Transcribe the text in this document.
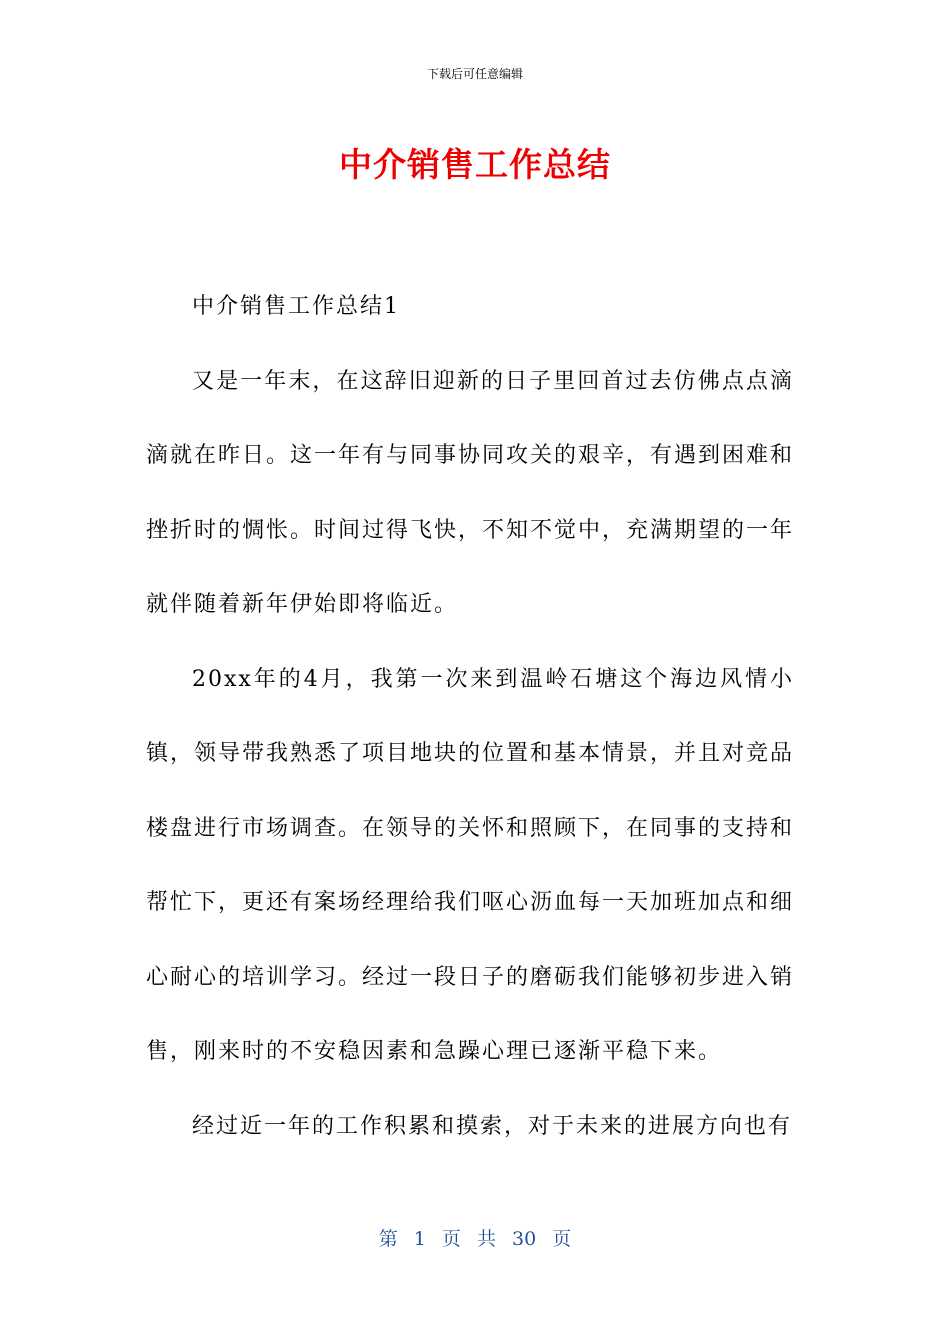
下载后可任意编辑
中介销售工作总结

中介销售工作总结1

又是一年末，在这辞旧迎新的日子里回首过去仿佛点点滴滴就在昨日。这一年有与同事协同攻关的艰辛，有遇到困难和挫折时的惆怅。时间过得飞快，不知不觉中，充满期望的一年就伴随着新年伊始即将临近。

20xx年的4月，我第一次来到温岭石塘这个海边风情小镇，领导带我熟悉了项目地块的位置和基本情景，并且对竞品楼盘进行市场调查。在领导的关怀和照顾下，在同事的支持和帮忙下，更还有案场经理给我们呕心沥血每一天加班加点和细心耐心的培训学习。经过一段日子的磨砺我们能够初步进入销售，刚来时的不安稳因素和急躁心理已逐渐平稳下来。

经过近一年的工作积累和摸索，对于未来的进展方向也有

第 1 页 共 30 页
